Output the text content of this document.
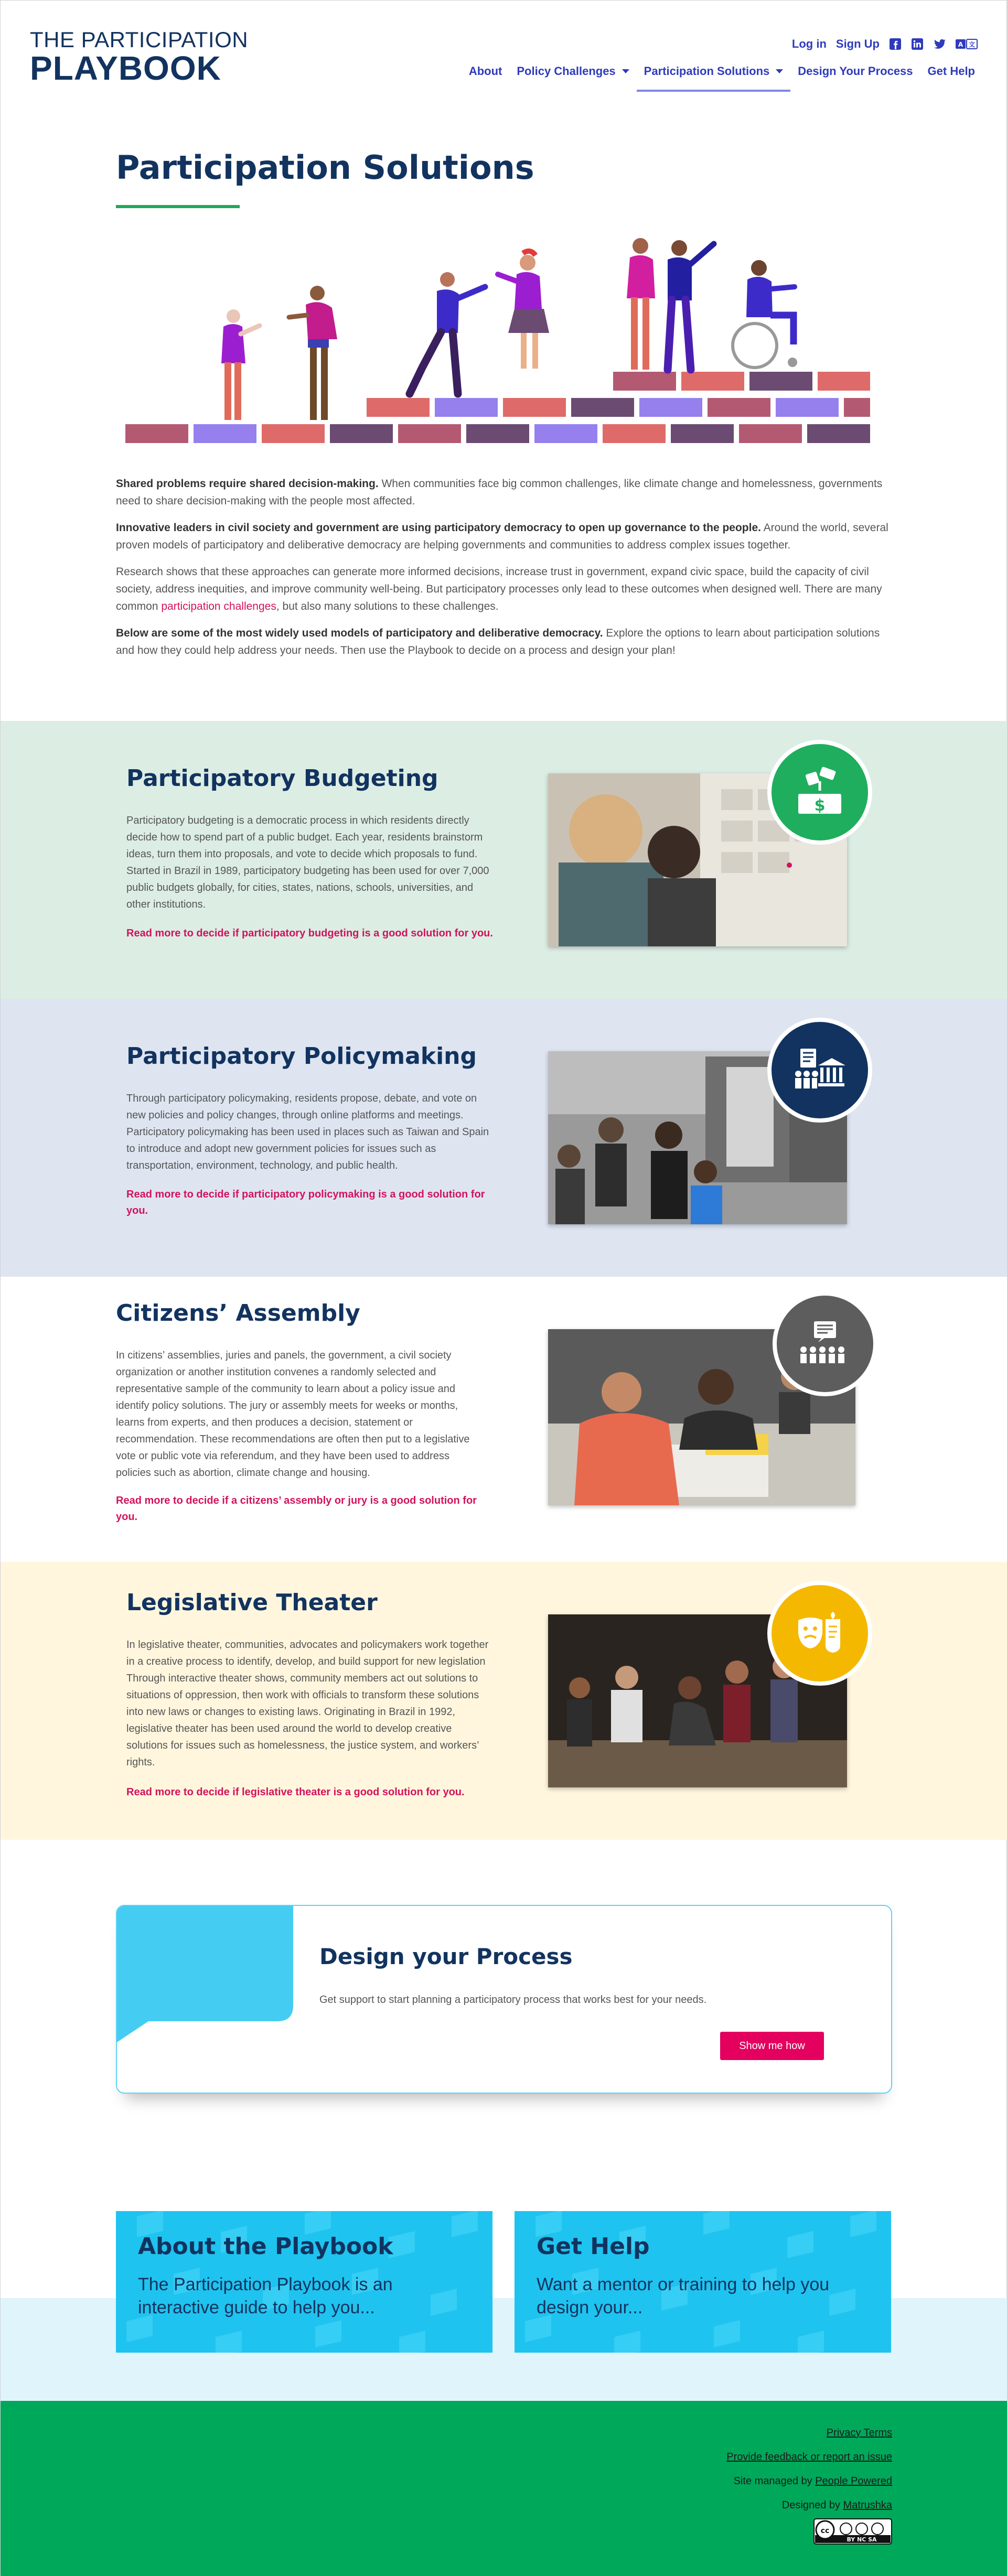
THE PARTICIPATION
PLAYBOOK
Log in Sign Up	A 文
About Policy Challenges Participation Solutions Design Your Process Get Help
Participation Solutions

Shared problems require shared decision-making. When communities face big common challenges, like climate change and homelessness, governments need to share decision-making with the people most affected.

Innovative leaders in civil society and government are using participatory democracy to open up governance to the people. Around the world, several proven models of participatory and deliberative democracy are helping governments and communities to address complex issues together.

Research shows that these approaches can generate more informed decisions, increase trust in government, expand civic space, build the capacity of civil society, address inequities, and improve community well-being. But participatory processes only lead to these outcomes when designed well. There are many common participation challenges, but also many solutions to these challenges.

Below are some of the most widely used models of participatory and deliberative democracy. Explore the options to learn about participation solutions and how they could help address your needs. Then use the Playbook to decide on a process and design your plan!

Participatory Budgeting

Participatory budgeting is a democratic process in which residents directly decide how to spend part of a public budget. Each year, residents brainstorm ideas, turn them into proposals, and vote to decide which proposals to fund. Started in Brazil in 1989, participatory budgeting has been used for over 7,000 public budgets globally, for cities, states, nations, schools, universities, and other institutions.

Read more to decide if participatory budgeting is a good solution for you.
$
Participatory Policymaking

Through participatory policymaking, residents propose, debate, and vote on new policies and policy changes, through online platforms and meetings. Participatory policymaking has been used in places such as Taiwan and Spain to introduce and adopt new government policies for issues such as transportation, environment, technology, and public health.

Read more to decide if participatory policymaking is a good solution for you.
Citizens’ Assembly

In citizens’ assemblies, juries and panels, the government, a civil society organization or another institution convenes a randomly selected and representative sample of the community to learn about a policy issue and identify policy solutions. The jury or assembly meets for weeks or months, learns from experts, and then produces a decision, statement or recommendation. These recommendations are often then put to a legislative vote or public vote via referendum, and they have been used to address policies such as abortion, climate change and housing.

Read more to decide if a citizens’ assembly or jury is a good solution for you.
Legislative Theater

In legislative theater, communities, advocates and policymakers work together in a creative process to identify, develop, and build support for new legislation Through interactive theater shows, community members act out solutions to situations of oppression, then work with officials to transform these solutions into new laws or changes to existing laws. Originating in Brazil in 1992, legislative theater has been used around the world to develop creative solutions for issues such as homelessness, the justice system, and workers’ rights.

Read more to decide if legislative theater is a good solution for you.
Design your Process

Get support to start planning a participatory process that works best for your needs.

Show me how
About the Playbook

The Participation Playbook is an interactive guide to help you...

Get Help

Want a mentor or training to help you design your...

Privacy Terms
Provide feedback or report an issue
Site managed by People Powered
Designed by Matrushka
cc
BY NC SA
